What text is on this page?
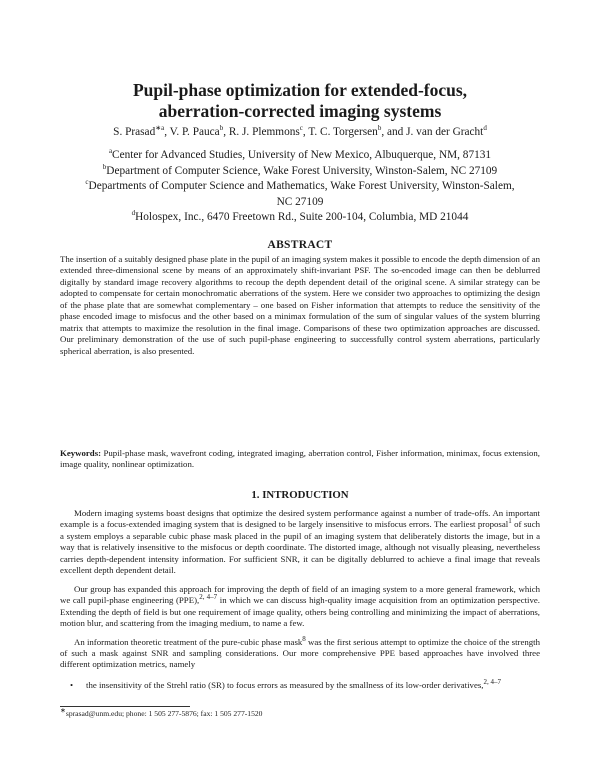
Pupil-phase optimization for extended-focus,
aberration-corrected imaging systems
S. Prasad$^{∗a}$, V. P. Pauca$^b$, R. J. Plemmons$^c$, T. C. Torgersen$^b$, and J. van der Gracht$^d$
$^a$Center for Advanced Studies, University of New Mexico, Albuquerque, NM, 87131
$^b$Department of Computer Science, Wake Forest University, Winston-Salem, NC 27109
$^c$Departments of Computer Science and Mathematics, Wake Forest University, Winston-Salem,
NC 27109
$^d$Holospex, Inc., 6470 Freetown Rd., Suite 200-104, Columbia, MD 21044
ABSTRACT
The insertion of a suitably designed phase plate in the pupil of an imaging system makes it possible to encode the depth dimension of an extended three-dimensional scene by means of an approximately shift-invariant PSF. The so-encoded image can then be deblurred digitally by standard image recovery algorithms to recoup the depth dependent detail of the original scene. A similar strategy can be adopted to compensate for certain monochromatic aberrations of the system. Here we consider two approaches to optimizing the design of the phase plate that are somewhat complementary – one based on Fisher information that attempts to reduce the sensitivity of the phase encoded image to misfocus and the other based on a minimax formulation of the sum of singular values of the system blurring matrix that attempts to maximize the resolution in the final image. Comparisons of these two optimization approaches are discussed. Our preliminary demonstration of the use of such pupil-phase engineering to successfully control system aberrations, particularly spherical aberration, is also presented.
Keywords: Pupil-phase mask, wavefront coding, integrated imaging, aberration control, Fisher information, minimax, focus extension, image quality, nonlinear optimization.
1. INTRODUCTION

Modern imaging systems boast designs that optimize the desired system performance against a number of trade-offs. An important example is a focus-extended imaging system that is designed to be largely insensitive to misfocus errors. The earliest proposal$^1$ of such a system employs a separable cubic phase mask placed in the pupil of an imaging system that deliberately distorts the image, but in a way that is relatively insensitive to the misfocus or depth coordinate. The distorted image, although not visually pleasing, nevertheless carries depth-dependent intensity information. For sufficient SNR, it can be digitally deblurred to achieve a final image that reveals excellent depth dependent detail.

Our group has expanded this approach for improving the depth of field of an imaging system to a more general framework, which we call pupil-phase engineering (PPE),$^{2, 4-7}$ in which we can discuss high-quality image acquisition from an optimization perspective. Extending the depth of field is but one requirement of image quality, others being controlling and minimizing the impact of aberrations, motion blur, and scattering from the imaging medium, to name a few.

An information theoretic treatment of the pure-cubic phase mask$^8$ was the first serious attempt to optimize the choice of the strength of such a mask against SNR and sampling considerations. Our more comprehensive PPE based approaches have involved three different optimization metrics, namely

• the insensitivity of the Strehl ratio (SR) to focus errors as measured by the smallness of its low-order derivatives,$^{2, 4-7}$
∗sprasad@unm.edu; phone: 1 505 277-5876; fax: 1 505 277-1520
